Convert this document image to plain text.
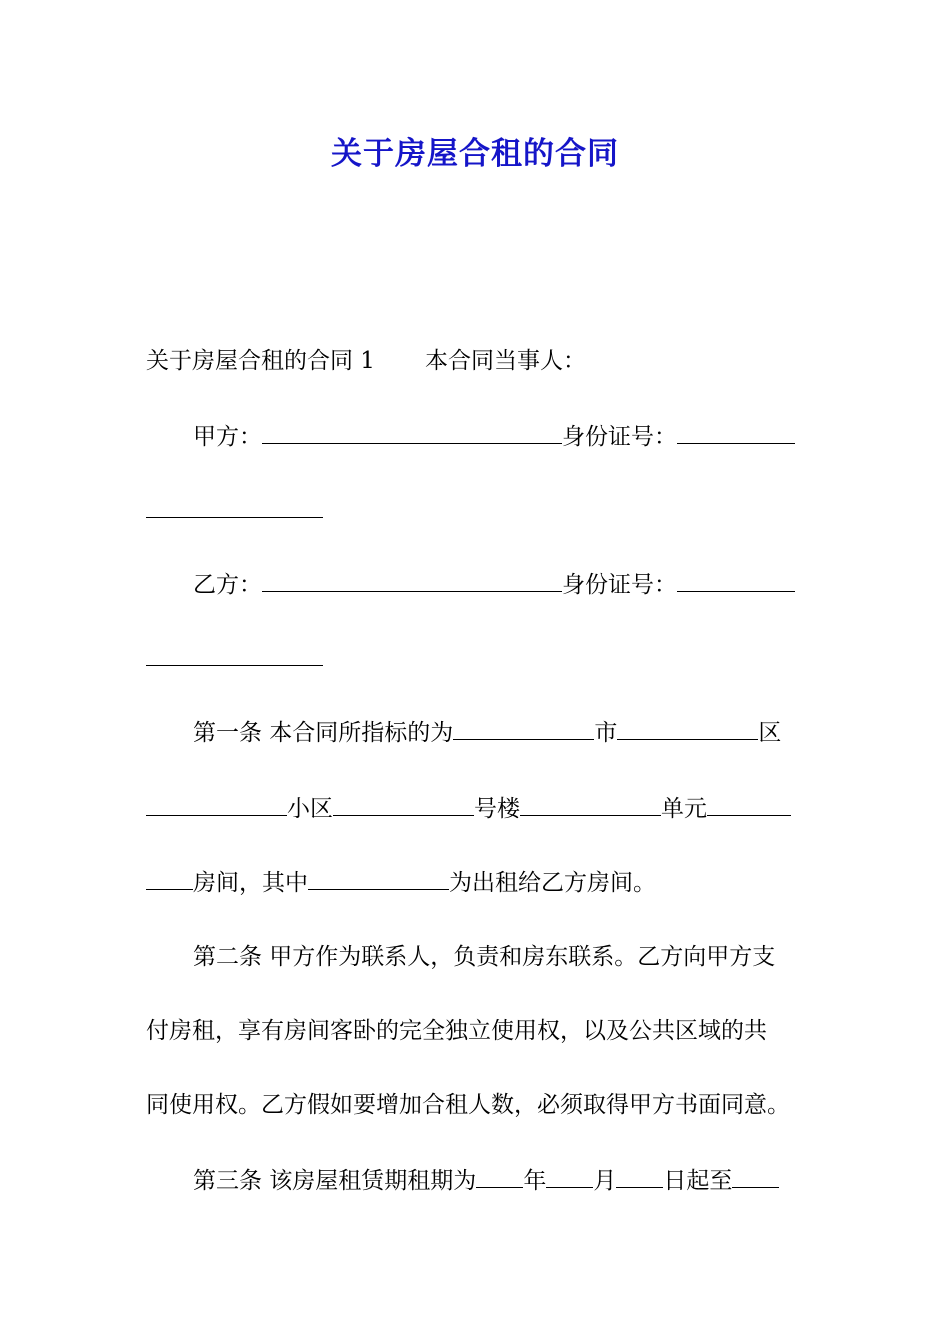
关于房屋合租的合同
关于房屋合租的合同 1 本合同当事人：
甲方：	身份证号：
乙方：	身份证号：
第一条 本合同所指标的为	市	区
小区	号楼	单元
房间，其中	为出租给乙方房间。
第二条 甲方作为联系人，负责和房东联系。乙方向甲方支
付房租，享有房间客卧的完全独立使用权，以及公共区域的共
同使用权。乙方假如要增加合租人数，必须取得甲方书面同意。
第三条 该房屋租赁期租期为 年 月 日起至
